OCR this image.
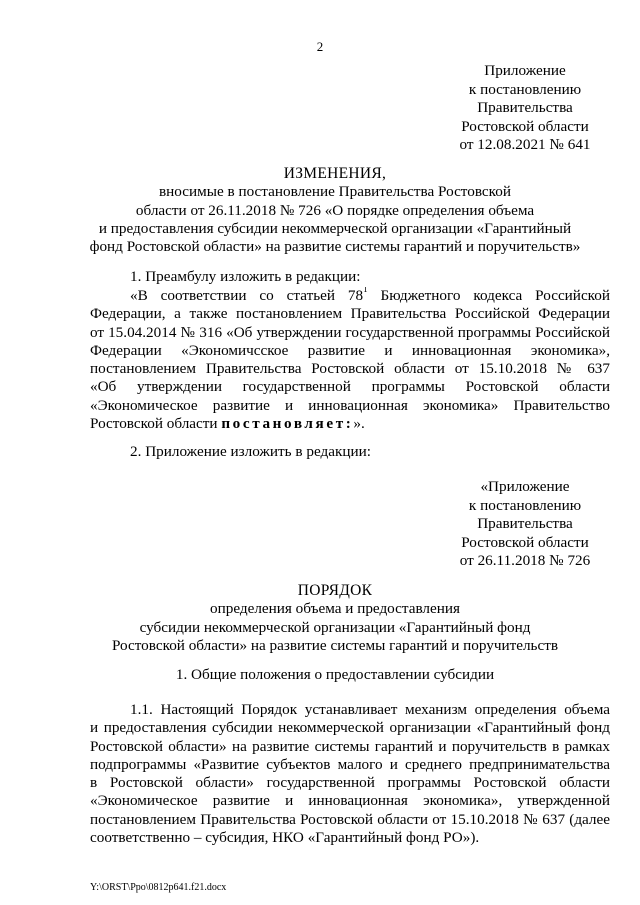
2
Приложение
к постановлению
Правительства
Ростовской области
от 12.08.2021 № 641
ИЗМЕНЕНИЯ,
вносимые в постановление Правительства Ростовской
области от 26.11.2018 № 726 «О порядке определения объема
и предоставления субсидии некоммерческой организации «Гарантийный
фонд Ростовской области» на развитие системы гарантий и поручительств»
1. Преамбулу изложить в редакции:
«В соответствии со статьей $78^1$ Бюджетного кодекса Российской
Федерации, а также постановлением Правительства Российской Федерации
от 15.04.2014 № 316 «Об утверждении государственной программы Российской
Федерации «Экономичсское развитие и инновационная экономика»,
постановлением Правительства Ростовской области от 15.10.2018 № 637
«Об утверждении государственной программы Ростовской области
«Экономическое развитие и инновационная экономика» Правительство
Ростовской области постановляет:».
2. Приложение изложить в редакции:
«Приложение
к постановлению
Правительства
Ростовской области
от 26.11.2018 № 726
ПОРЯДОК
определения объема и предоставления
субсидии некоммерческой организации «Гарантийный фонд
Ростовской области» на развитие системы гарантий и поручительств
1. Общие положения о предоставлении субсидии
1.1. Настоящий Порядок устанавливает механизм определения объема
и предоставления субсидии некоммерческой организации «Гарантийный фонд
Ростовской области» на развитие системы гарантий и поручительств в рамках
подпрограммы «Развитие субъектов малого и среднего предпринимательства
в Ростовской области» государственной программы Ростовской области
«Экономическое развитие и инновационная экономика», утвержденной
постановлением Правительства Ростовской области от 15.10.2018 № 637 (далее
соответственно – субсидия, НКО «Гарантийный фонд РО»).
Y:\ORST\Ppo\0812p641.f21.docx
